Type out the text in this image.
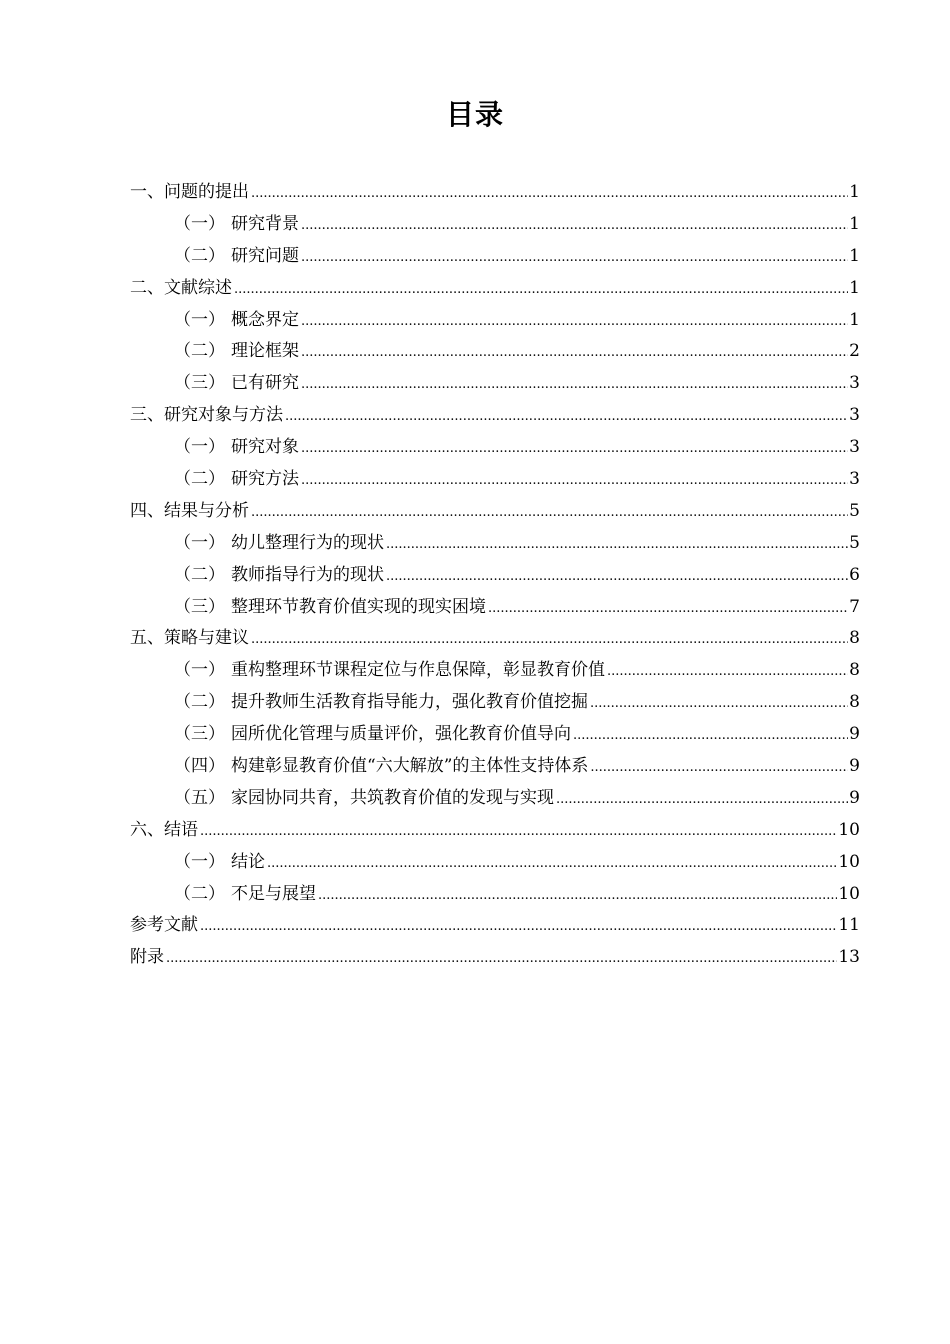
目录
一、问题的提出 .....	1
（一） 研究背景 .....	1
（二） 研究问题 .....	1
二、文献综述 .....	1
（一） 概念界定 .....	1
（二） 理论框架 .....	2
（三） 已有研究 .....	3
三、研究对象与方法 .....	3
（一） 研究对象 .....	3
（二） 研究方法 .....	3
四、结果与分析 .....	5
（一） 幼儿整理行为的现状 .....	5
（二） 教师指导行为的现状 .....	6
（三） 整理环节教育价值实现的现实困境 .....	7
五、策略与建议 .....	8
（一） 重构整理环节课程定位与作息保障，彰显教育价值 .....	8
（二） 提升教师生活教育指导能力，强化教育价值挖掘 .....	8
（三） 园所优化管理与质量评价，强化教育价值导向 .....	9
（四） 构建彰显教育价值“六大解放”的主体性支持体系 .....	9
（五） 家园协同共育，共筑教育价值的发现与实现 .....	9
六、结语 .....	10
（一） 结论 .....	10
（二） 不足与展望 .....	10
参考文献 .....	11
附录 .....	13
